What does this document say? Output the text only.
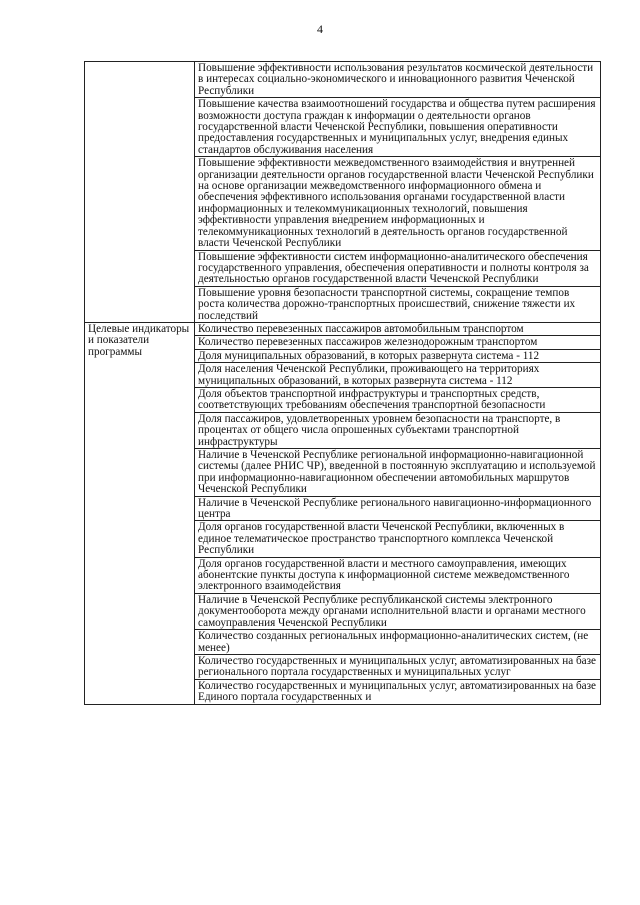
4
	Повышение эффективности использования результатов космической деятельности в интересах социально-экономического и инновационного развития Чеченской Республики
	Повышение качества взаимоотношений государства и общества путем расширения возможности доступа граждан к информации о деятельности органов государственной власти Чеченской Республики, повышения оперативности предоставления государственных и муниципальных услуг, внедрения единых стандартов обслуживания населения
	Повышение эффективности межведомственного взаимодействия и внутренней организации деятельности органов государственной власти Чеченской Республики на основе организации межведомственного информационного обмена и обеспечения эффективного использования органами государственной власти информационных и телекоммуникационных технологий, повышения эффективности управления внедрением информационных и телекоммуникационных технологий в деятельность органов государственной власти Чеченской Республики
	Повышение эффективности систем информационно-аналитического обеспечения государственного управления, обеспечения оперативности и полноты контроля за деятельностью органов государственной власти Чеченской Республики
	Повышение уровня безопасности транспортной системы, сокращение темпов роста количества дорожно-транспортных происшествий, снижение тяжести их последствий
Целевые индикаторы и показатели программы	Количество перевезенных пассажиров автомобильным транспортом
	Количество перевезенных пассажиров железнодорожным транспортом
	Доля муниципальных образований, в которых развернута система - 112
	Доля населения Чеченской Республики, проживающего на территориях муниципальных образований, в которых развернута система - 112
	Доля объектов транспортной инфраструктуры и транспортных средств, соответствующих требованиям обеспечения транспортной безопасности
	Доля пассажиров, удовлетворенных уровнем безопасности на транспорте, в процентах от общего числа опрошенных субъектами транспортной инфраструктуры
	Наличие в Чеченской Республике региональной информационно-навигационной системы (далее РНИС ЧР), введенной в постоянную эксплуатацию и используемой при информационно-навигационном обеспечении автомобильных маршрутов Чеченской Республики
	Наличие в Чеченской Республике регионального навигационно-информационного центра
	Доля органов государственной власти Чеченской Республики, включенных в единое телематическое пространство транспортного комплекса Чеченской Республики
	Доля органов государственной власти и местного самоуправления, имеющих абонентские пункты доступа к информационной системе межведомственного электронного взаимодействия
	Наличие в Чеченской Республике республиканской системы электронного документооборота между органами исполнительной власти и органами местного самоуправления Чеченской Республики
	Количество созданных региональных информационно-аналитических систем, (не менее)
	Количество государственных и муниципальных услуг, автоматизированных на базе регионального портала государственных и муниципальных услуг
	Количество государственных и муниципальных услуг, автоматизированных на базе Единого портала государственных и
